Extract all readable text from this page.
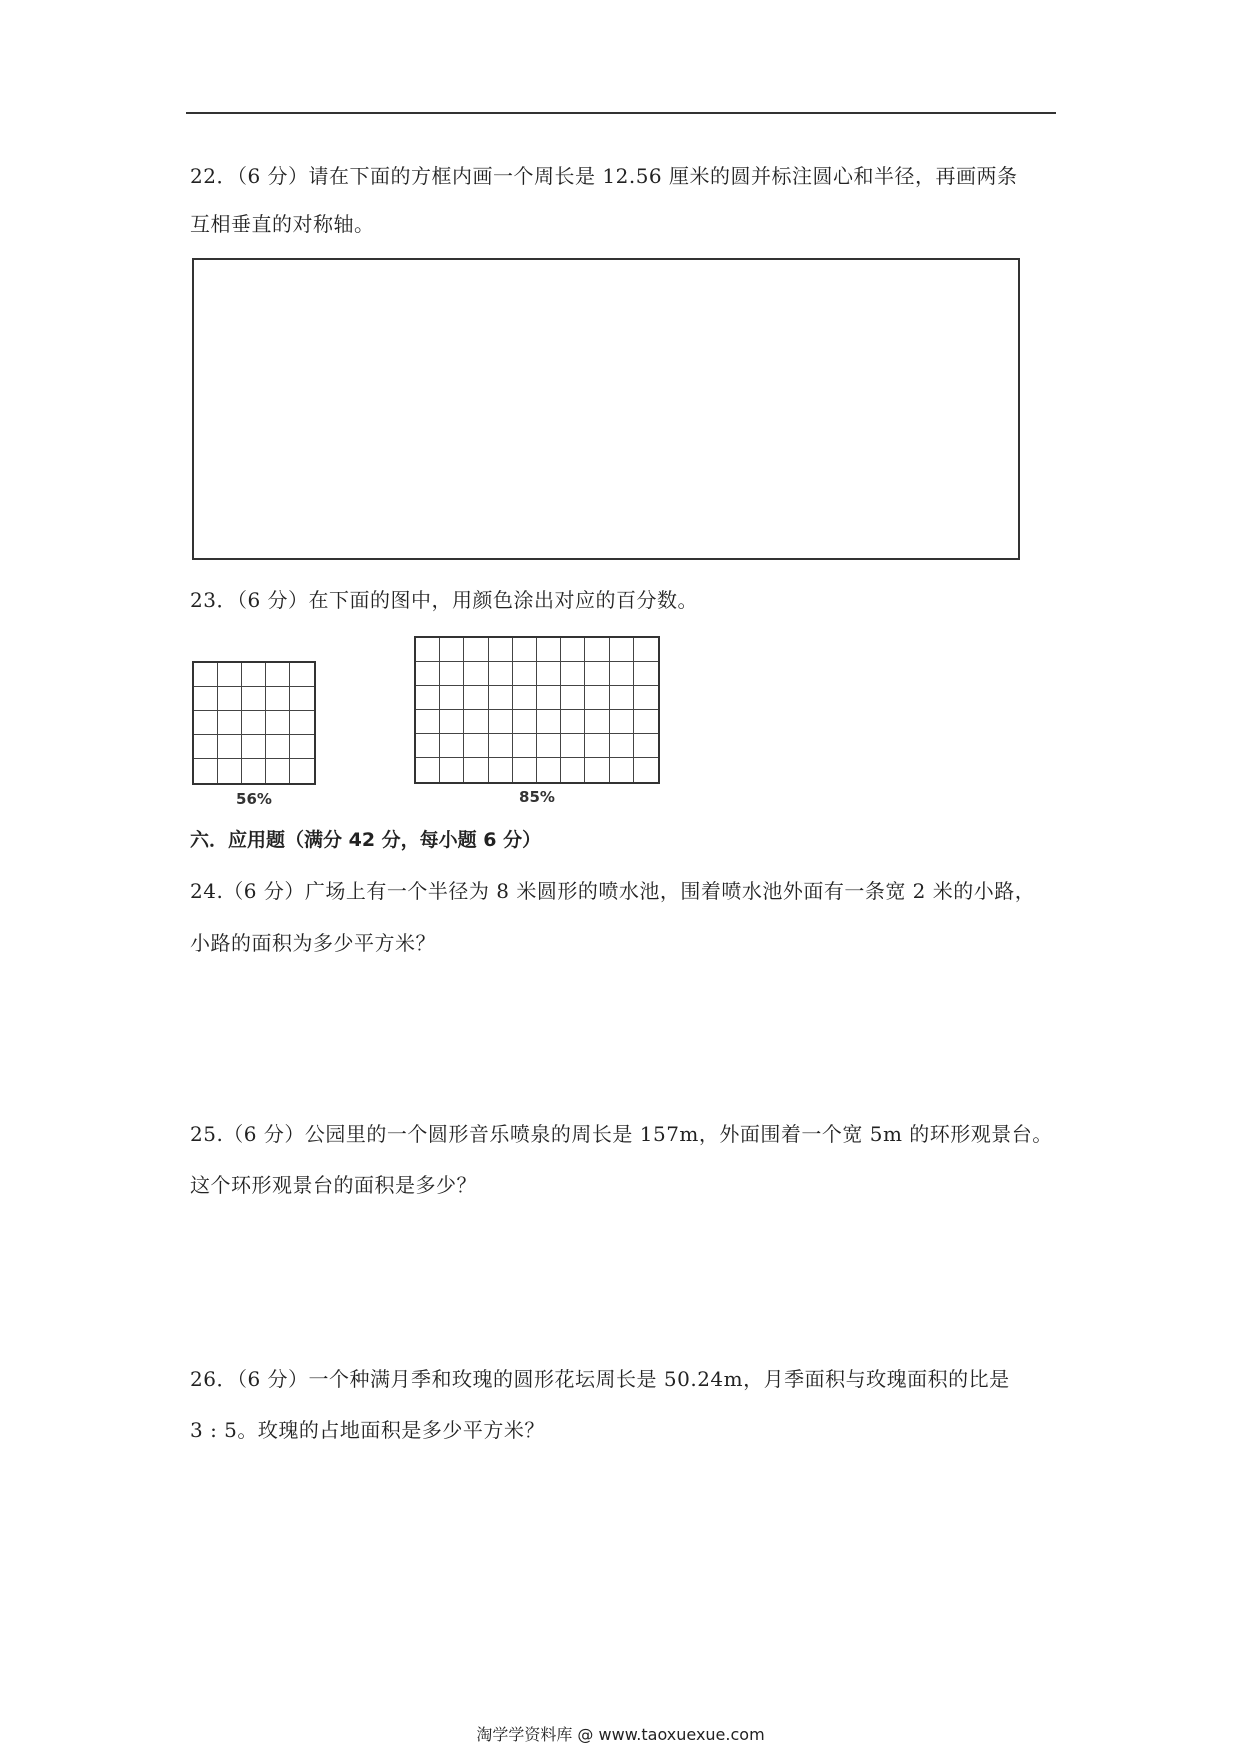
22．（6 分）请在下面的方框内画一个周长是 12.56 厘米的圆并标注圆心和半径，再画两条
互相垂直的对称轴。
23．（6 分）在下面的图中，用颜色涂出对应的百分数。
56%	85%
六．应用题（满分 42 分，每小题 6 分）
24.（6 分）广场上有一个半径为 8 米圆形的喷水池，围着喷水池外面有一条宽 2 米的小路，
小路的面积为多少平方米？
25.（6 分）公园里的一个圆形音乐喷泉的周长是 157m，外面围着一个宽 5m 的环形观景台。
这个环形观景台的面积是多少？
26．（6 分）一个种满月季和玫瑰的圆形花坛周长是 50.24m，月季面积与玫瑰面积的比是
3 : 5。玫瑰的占地面积是多少平方米？
淘学学资料库 @ www.taoxuexue.com
